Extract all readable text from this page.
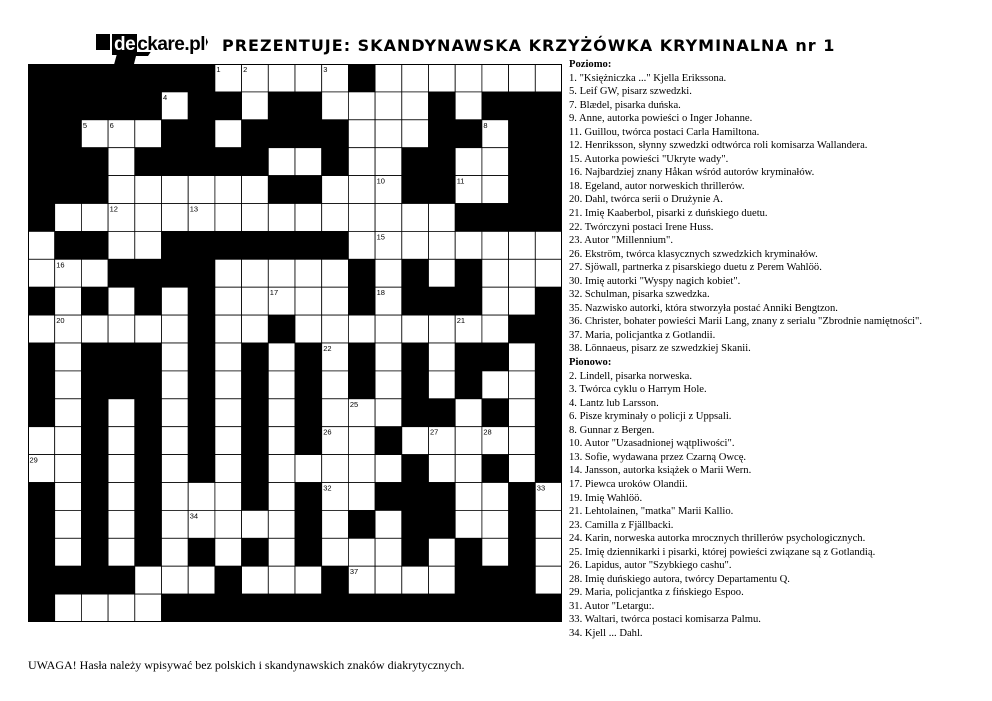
de ckare.pl PREZENTUJE: SKANDYNAWSKA KRZYŻÓWKA KRYMINALNA nr 1
1	2	3
4
5	6	7	8
9	10	11
12	13
14	15
16
17	18	19
20	21
22
23
24	25
26	27	28
29	30	31
32	33
34
35	36
37
38
Poziomo:
1. "Księżniczka ..." Kjella Erikssona.
5. Leif GW, pisarz szwedzki.
7. Blædel, pisarka duńska.
9. Anne, autorka powieści o Inger Johanne.
11. Guillou, twórca postaci Carla Hamiltona.
12. Henriksson, słynny szwedzki odtwórca roli komisarza Wallandera.
15. Autorka powieści "Ukryte wady".
16. Najbardziej znany Håkan wśród autorów kryminałów.
18. Egeland, autor norweskich thrillerów.
20. Dahl, twórca serii o Drużynie A.
21. Imię Kaaberbol, pisarki z duńskiego duetu.
22. Twórczyni postaci Irene Huss.
23. Autor "Millennium".
26. Ekström, twórca klasycznych szwedzkich kryminałów.
27. Sjöwall, partnerka z pisarskiego duetu z Perem Wahlöö.
30. Imię autorki "Wyspy nagich kobiet".
32. Schulman, pisarka szwedzka.
35. Nazwisko autorki, która stworzyła postać Anniki Bengtzon.
36. Christer, bohater powieści Marii Lang, znany z serialu "Zbrodnie namiętności".
37. Maria, policjantka z Gotlandii.
38. Lönnaeus, pisarz ze szwedzkiej Skanii.
Pionowo:
2. Lindell, pisarka norweska.
3. Twórca cyklu o Harrym Hole.
4. Lantz lub Larsson.
6. Pisze kryminały o policji z Uppsali.
8. Gunnar z Bergen.
10. Autor "Uzasadnionej wątpliwości".
13. Sofie, wydawana przez Czarną Owcę.
14. Jansson, autorka książek o Marii Wern.
17. Piewca uroków Olandii.
19. Imię Wahlöö.
21. Lehtolainen, "matka" Marii Kallio.
23. Camilla z Fjällbacki.
24. Karin, norweska autorka mrocznych thrillerów psychologicznych.
25. Imię dziennikarki i pisarki, której powieści związane są z Gotlandią.
26. Lapidus, autor "Szybkiego cashu".
28. Imię duńskiego autora, twórcy Departamentu Q.
29. Maria, policjantka z fińskiego Espoo.
31. Autor "Letargu:.
33. Waltari, twórca postaci komisarza Palmu.
34. Kjell ... Dahl.
UWAGA! Hasła należy wpisywać bez polskich i skandynawskich znaków diakrytycznych.
